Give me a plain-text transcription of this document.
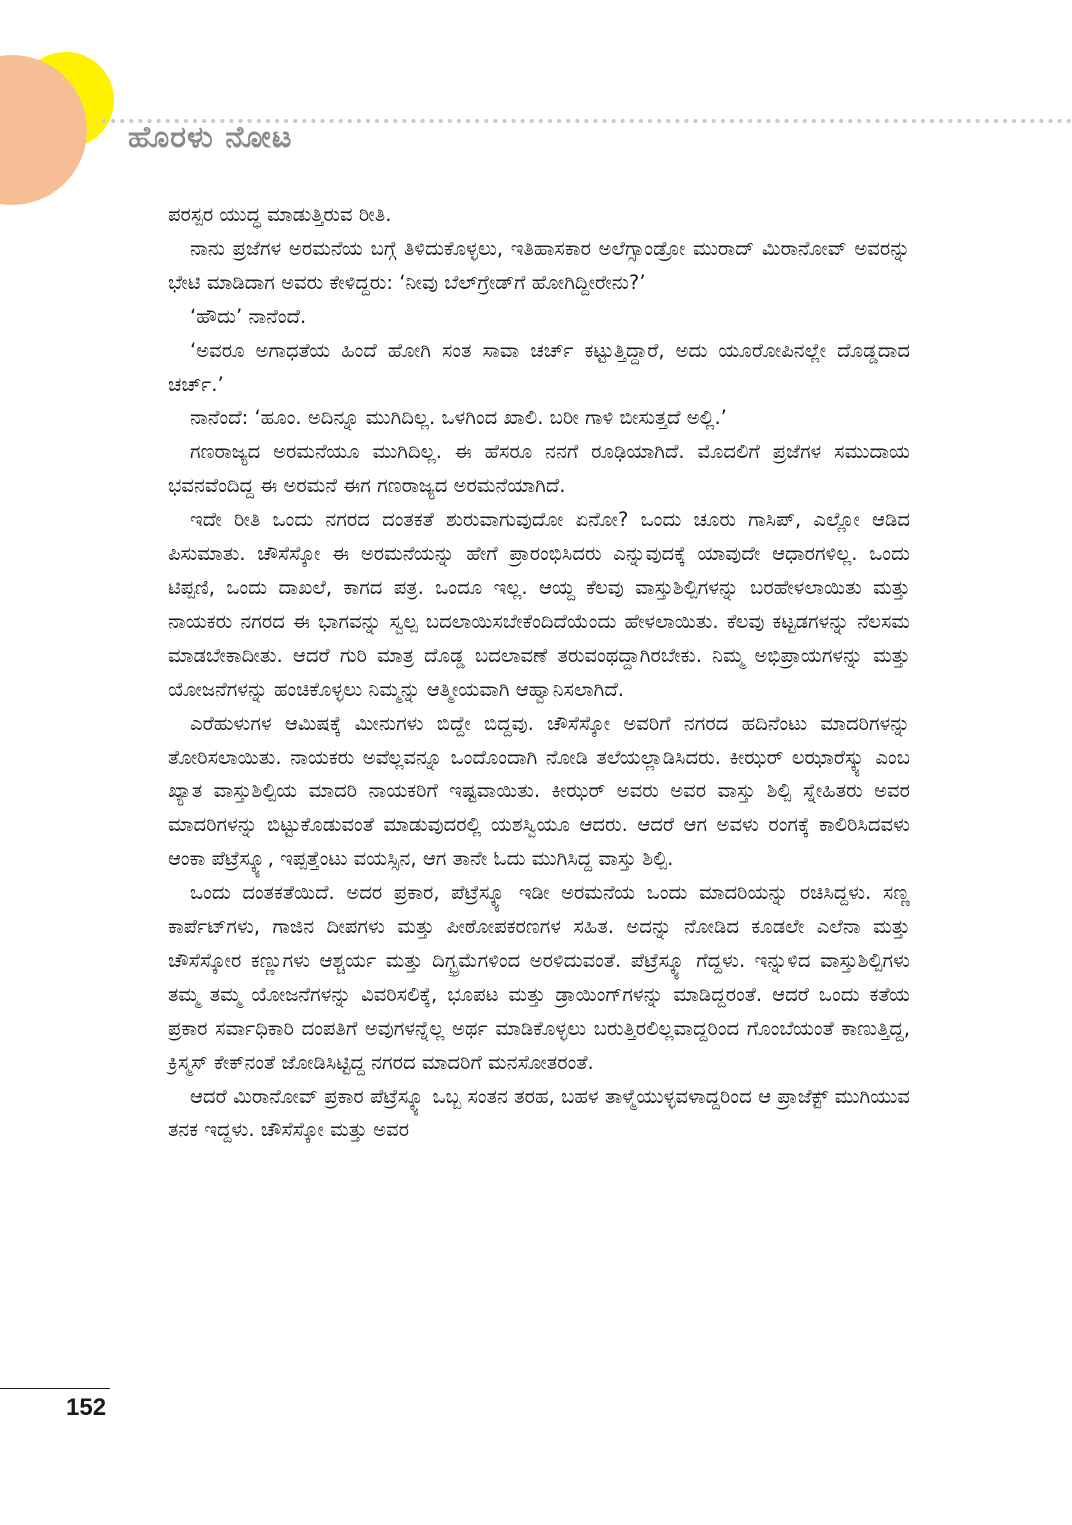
ಹೊರಳು ನೋಟ

ಪರಸ್ಪರ ಯುದ್ಧ ಮಾಡುತ್ತಿರುವ ರೀತಿ.

ನಾನು ಪ್ರಜೆಗಳ ಅರಮನೆಯ ಬಗ್ಗೆ ತಿಳಿದುಕೊಳ್ಳಲು, ಇತಿಹಾಸಕಾರ ಅಲೆಗ್ಸಾಂಡ್ರೋ ಮುರಾದ್ ಮಿರಾನೋವ್ ಅವರನ್ನು ಭೇಟಿ ಮಾಡಿದಾಗ ಅವರು ಕೇಳಿದ್ದರು: ‘ನೀವು ಬೆಲ್‌ಗ್ರೇಡ್‌ಗೆ ಹೋಗಿದ್ದೀರೇನು?’

‘ಹೌದು’ ನಾನೆಂದೆ.

‘ಅವರೂ ಅಗಾಧತೆಯ ಹಿಂದೆ ಹೋಗಿ ಸಂತ ಸಾವಾ ಚರ್ಚ್ ಕಟ್ಟುತ್ತಿದ್ದಾರೆ, ಅದು ಯೂರೋಪಿನಲ್ಲೇ ದೊಡ್ಡದಾದ ಚರ್ಚ್.’

ನಾನೆಂದೆ: ‘ಹೂಂ. ಅದಿನ್ನೂ ಮುಗಿದಿಲ್ಲ. ಒಳಗಿಂದ ಖಾಲಿ. ಬರೀ ಗಾಳಿ ಬೀಸುತ್ತದೆ ಅಲ್ಲಿ.’

ಗಣರಾಜ್ಯದ ಅರಮನೆಯೂ ಮುಗಿದಿಲ್ಲ. ಈ ಹೆಸರೂ ನನಗೆ ರೂಢಿಯಾಗಿದೆ. ಮೊದಲಿಗೆ ಪ್ರಜೆಗಳ ಸಮುದಾಯ ಭವನವೆಂದಿದ್ದ ಈ ಅರಮನೆ ಈಗ ಗಣರಾಜ್ಯದ ಅರಮನೆಯಾಗಿದೆ.

ಇದೇ ರೀತಿ ಒಂದು ನಗರದ ದಂತಕತೆ ಶುರುವಾಗುವುದೋ ಏನೋ? ಒಂದು ಚೂರು ಗಾಸಿಪ್, ಎಲ್ಲೋ ಆಡಿದ ಪಿಸುಮಾತು. ಚೌಸೆಸ್ಕೋ ಈ ಅರಮನೆಯನ್ನು ಹೇಗೆ ಪ್ರಾರಂಭಿಸಿದರು ಎನ್ನುವುದಕ್ಕೆ ಯಾವುದೇ ಆಧಾರಗಳಿಲ್ಲ. ಒಂದು ಟಿಪ್ಪಣಿ, ಒಂದು ದಾಖಲೆ, ಕಾಗದ ಪತ್ರ. ಒಂದೂ ಇಲ್ಲ. ಆಯ್ದ ಕೆಲವು ವಾಸ್ತುಶಿಲ್ಪಿಗಳನ್ನು ಬರಹೇಳಲಾಯಿತು ಮತ್ತು ನಾಯಕರು ನಗರದ ಈ ಭಾಗವನ್ನು ಸ್ವಲ್ಪ ಬದಲಾಯಿಸಬೇಕೆಂದಿದೆಯೆಂದು ಹೇಳಲಾಯಿತು. ಕೆಲವು ಕಟ್ಟಡಗಳನ್ನು ನೆಲಸಮ ಮಾಡಬೇಕಾದೀತು. ಆದರೆ ಗುರಿ ಮಾತ್ರ ದೊಡ್ಡ ಬದಲಾವಣೆ ತರುವಂಥದ್ದಾಗಿರಬೇಕು. ನಿಮ್ಮ ಅಭಿಪ್ರಾಯಗಳನ್ನು ಮತ್ತು ಯೋಜನೆಗಳನ್ನು ಹಂಚಿಕೊಳ್ಳಲು ನಿಮ್ಮನ್ನು ಆತ್ಮೀಯವಾಗಿ ಆಹ್ವಾನಿಸಲಾಗಿದೆ.

ಎರೆಹುಳುಗಳ ಆಮಿಷಕ್ಕೆ ಮೀನುಗಳು ಬಿದ್ದೇ ಬಿದ್ದವು. ಚೌಸೆಸ್ಕೋ ಅವರಿಗೆ ನಗರದ ಹದಿನೆಂಟು ಮಾದರಿಗಳನ್ನು ತೋರಿಸಲಾಯಿತು. ನಾಯಕರು ಅವೆಲ್ಲವನ್ನೂ ಒಂದೊಂದಾಗಿ ನೋಡಿ ತಲೆಯಲ್ಲಾಡಿಸಿದರು. ಕೀಝರ್ ಲಝಾರೆಸ್ಕ್ಯು ಎಂಬ ಖ್ಯಾತ ವಾಸ್ತುಶಿಲ್ಪಿಯ ಮಾದರಿ ನಾಯಕರಿಗೆ ಇಷ್ಟವಾಯಿತು. ಕೀಝರ್ ಅವರು ಅವರ ವಾಸ್ತು ಶಿಲ್ಪಿ ಸ್ನೇಹಿತರು ಅವರ ಮಾದರಿಗಳನ್ನು ಬಿಟ್ಟುಕೊಡುವಂತೆ ಮಾಡುವುದರಲ್ಲಿ ಯಶಸ್ವಿಯೂ ಆದರು. ಆದರೆ ಆಗ ಅವಳು ರಂಗಕ್ಕೆ ಕಾಲಿರಿಸಿದವಳು ಆಂಕಾ ಪೆಟ್ರೆಸ್ಕ್ಯೂ, ಇಪ್ಪತ್ತೆಂಟು ವಯಸ್ಸಿನ, ಆಗ ತಾನೇ ಓದು ಮುಗಿಸಿದ್ದ ವಾಸ್ತು ಶಿಲ್ಪಿ.

ಒಂದು ದಂತಕತೆಯಿದೆ. ಅದರ ಪ್ರಕಾರ, ಪೆಟ್ರೆಸ್ಕ್ಯೂ ಇಡೀ ಅರಮನೆಯ ಒಂದು ಮಾದರಿಯನ್ನು ರಚಿಸಿದ್ದಳು. ಸಣ್ಣ ಕಾರ್ಪೆಟ್‌ಗಳು, ಗಾಜಿನ ದೀಪಗಳು ಮತ್ತು ಪೀಠೋಪಕರಣಗಳ ಸಹಿತ. ಅದನ್ನು ನೋಡಿದ ಕೂಡಲೇ ಎಲೆನಾ ಮತ್ತು ಚೌಸೆಸ್ಕೋರ ಕಣ್ಣುಗಳು ಆಶ್ಚರ್ಯ ಮತ್ತು ದಿಗ್ಭ್ರಮೆಗಳಿಂದ ಅರಳಿದುವಂತೆ. ಪೆಟ್ರೆಸ್ಕ್ಯೂ ಗೆದ್ದಳು. ಇನ್ನುಳಿದ ವಾಸ್ತುಶಿಲ್ಪಿಗಳು ತಮ್ಮ ತಮ್ಮ ಯೋಜನೆಗಳನ್ನು ವಿವರಿಸಲಿಕ್ಕೆ, ಭೂಪಟ ಮತ್ತು ಡ್ರಾಯಿಂಗ್‌ಗಳನ್ನು ಮಾಡಿದ್ದರಂತೆ. ಆದರೆ ಒಂದು ಕತೆಯ ಪ್ರಕಾರ ಸರ್ವಾಧಿಕಾರಿ ದಂಪತಿಗೆ ಅವುಗಳನ್ನೆಲ್ಲ ಅರ್ಥ ಮಾಡಿಕೊಳ್ಳಲು ಬರುತ್ತಿರಲಿಲ್ಲವಾದ್ದರಿಂದ ಗೊಂಬೆಯಂತೆ ಕಾಣುತ್ತಿದ್ದ, ಕ್ರಿಸ್ಮಸ್ ಕೇಕ್‌ನಂತೆ ಜೋಡಿಸಿಟ್ಟಿದ್ದ ನಗರದ ಮಾದರಿಗೆ ಮನಸೋತರಂತೆ.

ಆದರೆ ಮಿರಾನೋವ್ ಪ್ರಕಾರ ಪೆಟ್ರೆಸ್ಕ್ಯೂ ಒಬ್ಬ ಸಂತನ ತರಹ, ಬಹಳ ತಾಳ್ಮೆಯುಳ್ಳವಳಾದ್ದರಿಂದ ಆ ಪ್ರಾಜೆಕ್ಟ್ ಮುಗಿಯುವ ತನಕ ಇದ್ದಳು. ಚೌಸೆಸ್ಕೋ ಮತ್ತು ಅವರ

152
